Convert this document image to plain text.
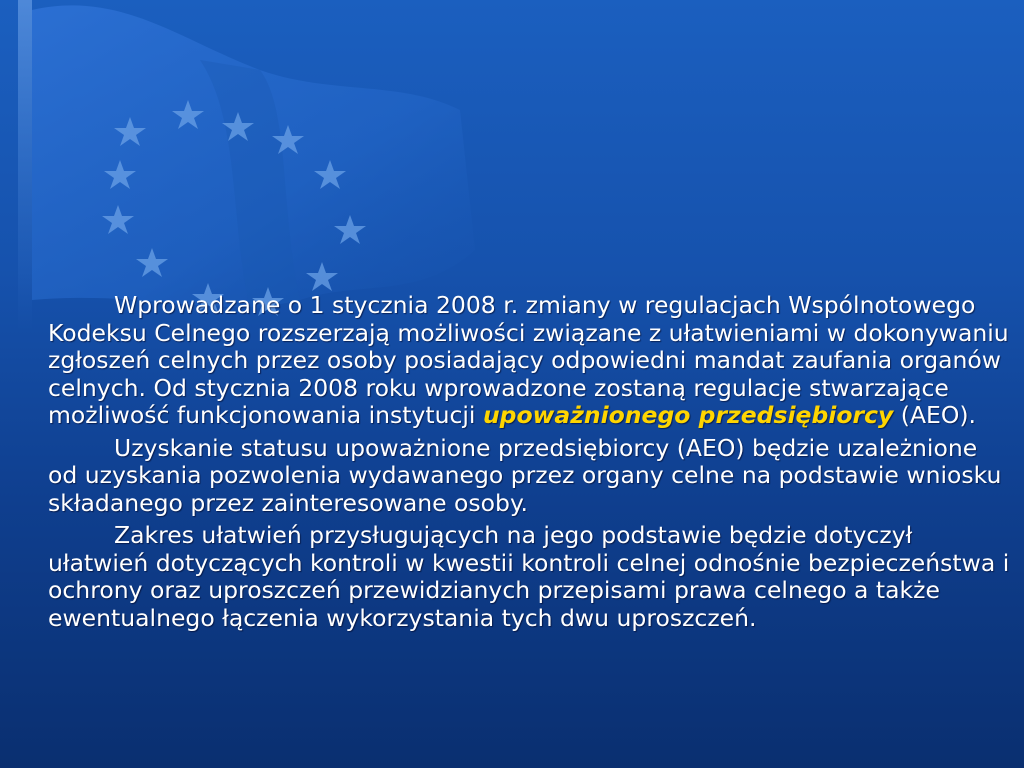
Wprowadzane o 1 stycznia 2008 r. zmiany w regulacjach Wspólnotowego Kodeksu Celnego rozszerzają możliwości związane z ułatwieniami w dokonywaniu zgłoszeń celnych przez osoby posiadający odpowiedni mandat zaufania organów celnych. Od stycznia 2008 roku wprowadzone zostaną regulacje stwarzające możliwość funkcjonowania instytucji upoważnionego przedsiębiorcy (AEO).

Uzyskanie statusu upoważnione przedsiębiorcy (AEO) będzie uzależnione od uzyskania pozwolenia wydawanego przez organy celne na podstawie wniosku składanego przez zainteresowane osoby.

Zakres ułatwień przysługujących na jego podstawie będzie dotyczył ułatwień dotyczących kontroli w kwestii kontroli celnej odnośnie bezpieczeństwa i ochrony oraz uproszczeń przewidzianych przepisami prawa celnego a także ewentualnego łączenia wykorzystania tych dwu uproszczeń.
